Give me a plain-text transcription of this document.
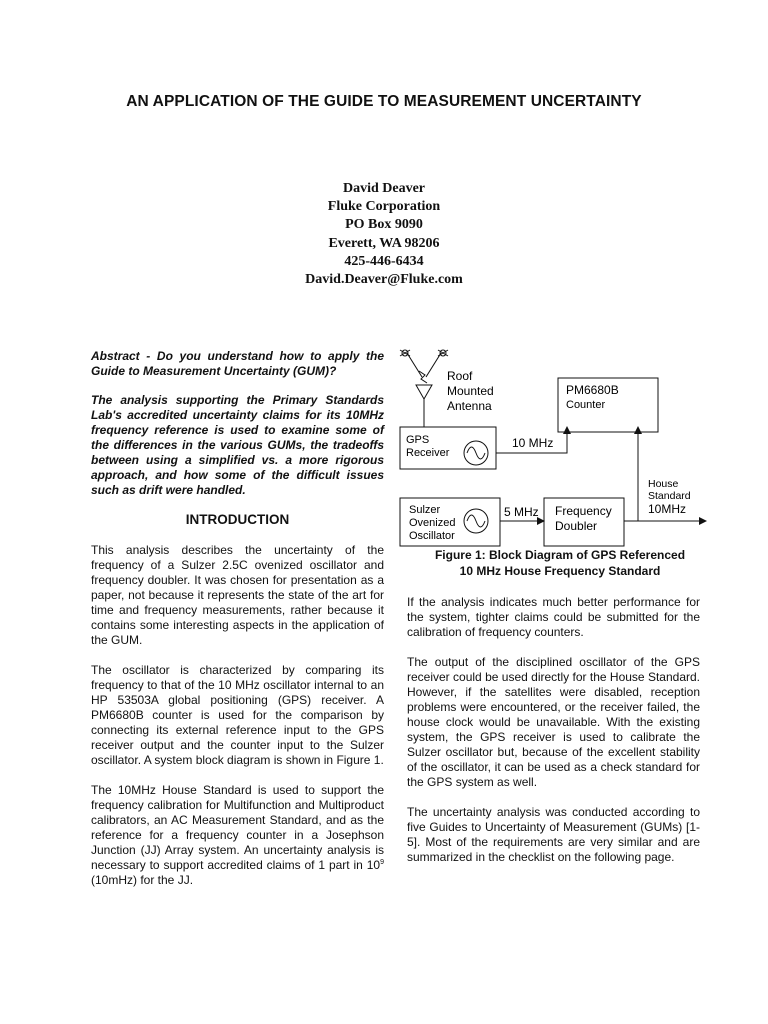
AN APPLICATION OF THE GUIDE TO MEASUREMENT UNCERTAINTY
David Deaver
Fluke Corporation
PO Box 9090
Everett, WA 98206
425-446-6434
David.Deaver@Fluke.com

Abstract - Do you understand how to apply the Guide to Measurement Uncertainty (GUM)?

The analysis supporting the Primary Standards Lab's accredited uncertainty claims for its 10MHz frequency reference is used to examine some of the differences in the various GUMs, the tradeoffs between using a simplified vs. a more rigorous approach, and how some of the difficult issues such as drift were handled.

INTRODUCTION

This analysis describes the uncertainty of the frequency of a Sulzer 2.5C ovenized oscillator and frequency doubler. It was chosen for presentation as a paper, not because it represents the state of the art for time and frequency measurements, rather because it contains some interesting aspects in the application of the GUM.

The oscillator is characterized by comparing its frequency to that of the 10 MHz oscillator internal to an HP 53503A global positioning (GPS) receiver. A PM6680B counter is used for the comparison by connecting its external reference input to the GPS receiver output and the counter input to the Sulzer oscillator. A system block diagram is shown in Figure 1.

The 10MHz House Standard is used to support the frequency calibration for Multifunction and Multiproduct calibrators, an AC Measurement Standard, and as the reference for a frequency counter in a Josephson Junction (JJ) Array system. An uncertainty analysis is necessary to support accredited claims of 1 part in $10^9$ (10mHz) for the JJ.

Roof
Mounted
Antenna
PM6680B
Counter
GPS
Receiver
10 MHz
Sulzer
Ovenized
Oscillator
5 MHz Frequency
Doubler
House
Standard
10MHz
Figure 1: Block Diagram of GPS Referenced
10 MHz House Frequency Standard

If the analysis indicates much better performance for the system, tighter claims could be submitted for the calibration of frequency counters.

The output of the disciplined oscillator of the GPS receiver could be used directly for the House Standard. However, if the satellites were disabled, reception problems were encountered, or the receiver failed, the house clock would be unavailable. With the existing system, the GPS receiver is used to calibrate the Sulzer oscillator but, because of the excellent stability of the oscillator, it can be used as a check standard for the GPS system as well.

The uncertainty analysis was conducted according to five Guides to Uncertainty of Measurement (GUMs) [1-5]. Most of the requirements are very similar and are summarized in the checklist on the following page.
